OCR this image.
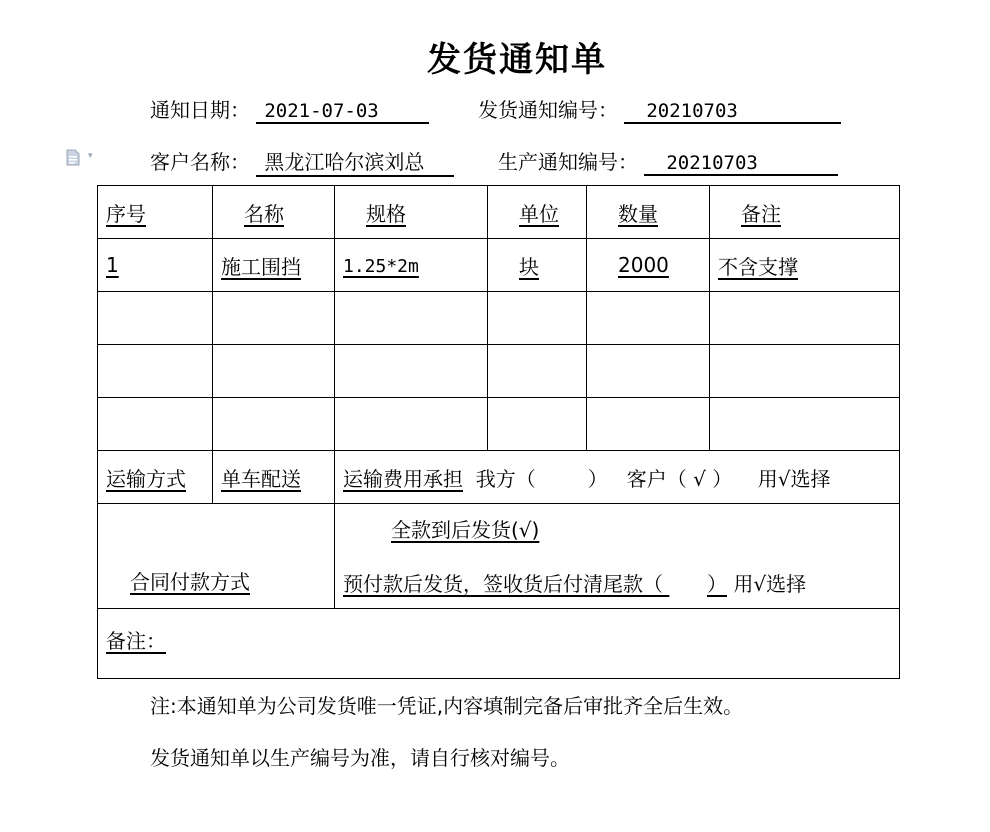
发货通知单
通知日期： 2021-07-03	发货通知编号： 20210703
▾	客户名称： 黑龙江哈尔滨刘总	生产通知编号： 20210703
序号	名称	规格	单位	数量	备注
1	施工围挡	1.25*2m	块	2000	不含支撑

运输方式	单车配送	运输费用承担 我方（ ） 客户（ √ ） 用√选择			

合同付款方式		全款到后发货(√)
预付款后发货，签收货后付清尾款（ ） 用√选择			

备注：					
注:本通知单为公司发货唯一凭证,内容填制完备后审批齐全后生效。
发货通知单以生产编号为准，请自行核对编号。
